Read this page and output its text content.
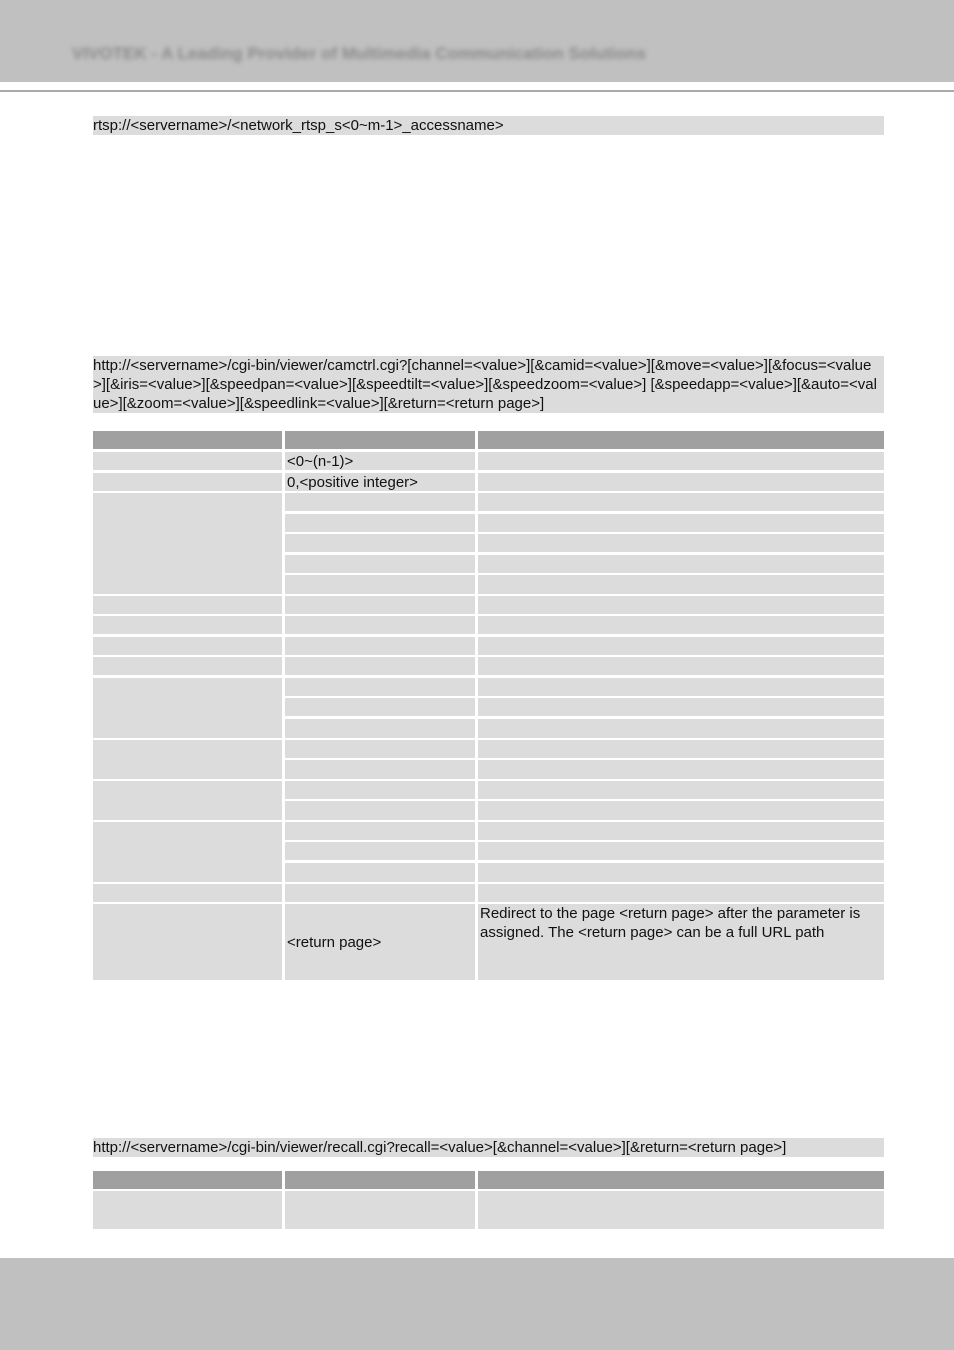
VIVOTEK - A Leading Provider of Multimedia Communication Solutions
rtsp://<servername>/<network_rtsp_s<0~m-1>_accessname>
http://<servername>/cgi-bin/viewer/camctrl.cgi?[channel=<value>][&camid=<value>][&move=<value>][&focus=<value>][&iris=<value>][&speedpan=<value>][&speedtilt=<value>][&speedzoom=<value>] [&speedapp=<value>][&auto=<value>][&zoom=<value>][&speedlink=<value>][&return=<return page>]
<0~(n-1)>
0,<positive integer>
<return page>
Redirect to the page <return page> after the parameter is assigned. The <return page> can be a full URL path
http://<servername>/cgi-bin/viewer/recall.cgi?recall=<value>[&channel=<value>][&return=<return page>]
